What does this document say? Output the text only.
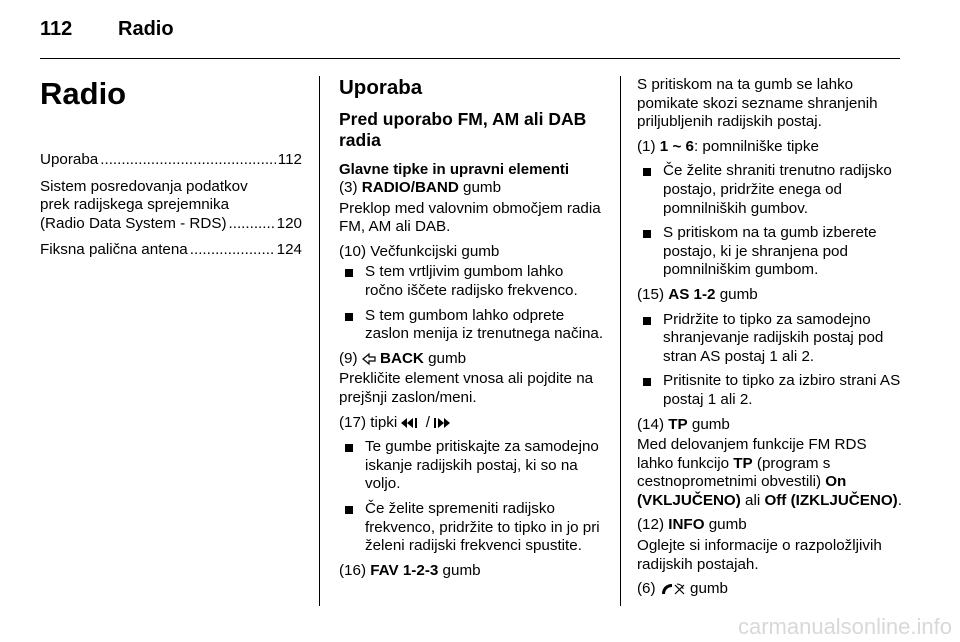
112 Radio
Radio
Uporaba .....	112
Sistem posredovanja podatkov
prek radijskega sprejemnika
(Radio Data System - RDS) .....	120
Fiksna palična antena .....	124
Uporaba
Pred uporabo FM, AM ali DAB radia
Glavne tipke in upravni elementi

(3) RADIO/BAND gumb

Preklop med valovnim območjem radia FM, AM ali DAB.

(10) Večfunkcijski gumb

S tem vrtljivim gumbom lahko ročno iščete radijsko frekvenco.
S tem gumbom lahko odprete zaslon menija iz trenutnega načina.

(9)  BACK gumb

Prekličite element vnosa ali pojdite na prejšnji zaslon/meni.

(17) tipki  /

Te gumbe pritiskajte za samodejno iskanje radijskih postaj, ki so na voljo.
Če želite spremeniti radijsko frekvenco, pridržite to tipko in jo pri želeni radijski frekvenci spustite.

(16) FAV 1-2-3 gumb

S pritiskom na ta gumb se lahko pomikate skozi sezname shranjenih priljubljenih radijskih postaj.

(1) 1 ~ 6: pomnilniške tipke

Če želite shraniti trenutno radijsko postajo, pridržite enega od pomnilniških gumbov.
S pritiskom na ta gumb izberete postajo, ki je shranjena pod pomnilniškim gumbom.

(15) AS 1-2 gumb

Pridržite to tipko za samodejno shranjevanje radijskih postaj pod stran AS postaj 1 ali 2.
Pritisnite to tipko za izbiro strani AS postaj 1 ali 2.

(14) TP gumb

Med delovanjem funkcije FM RDS lahko funkcijo TP (program s cestnoprometnimi obvestili) On (VKLJUČENO) ali Off (IZKLJUČENO).

(12) INFO gumb

Oglejte si informacije o razpoložljivih radijskih postajah.

(6)  gumb

carmanualsonline.info
